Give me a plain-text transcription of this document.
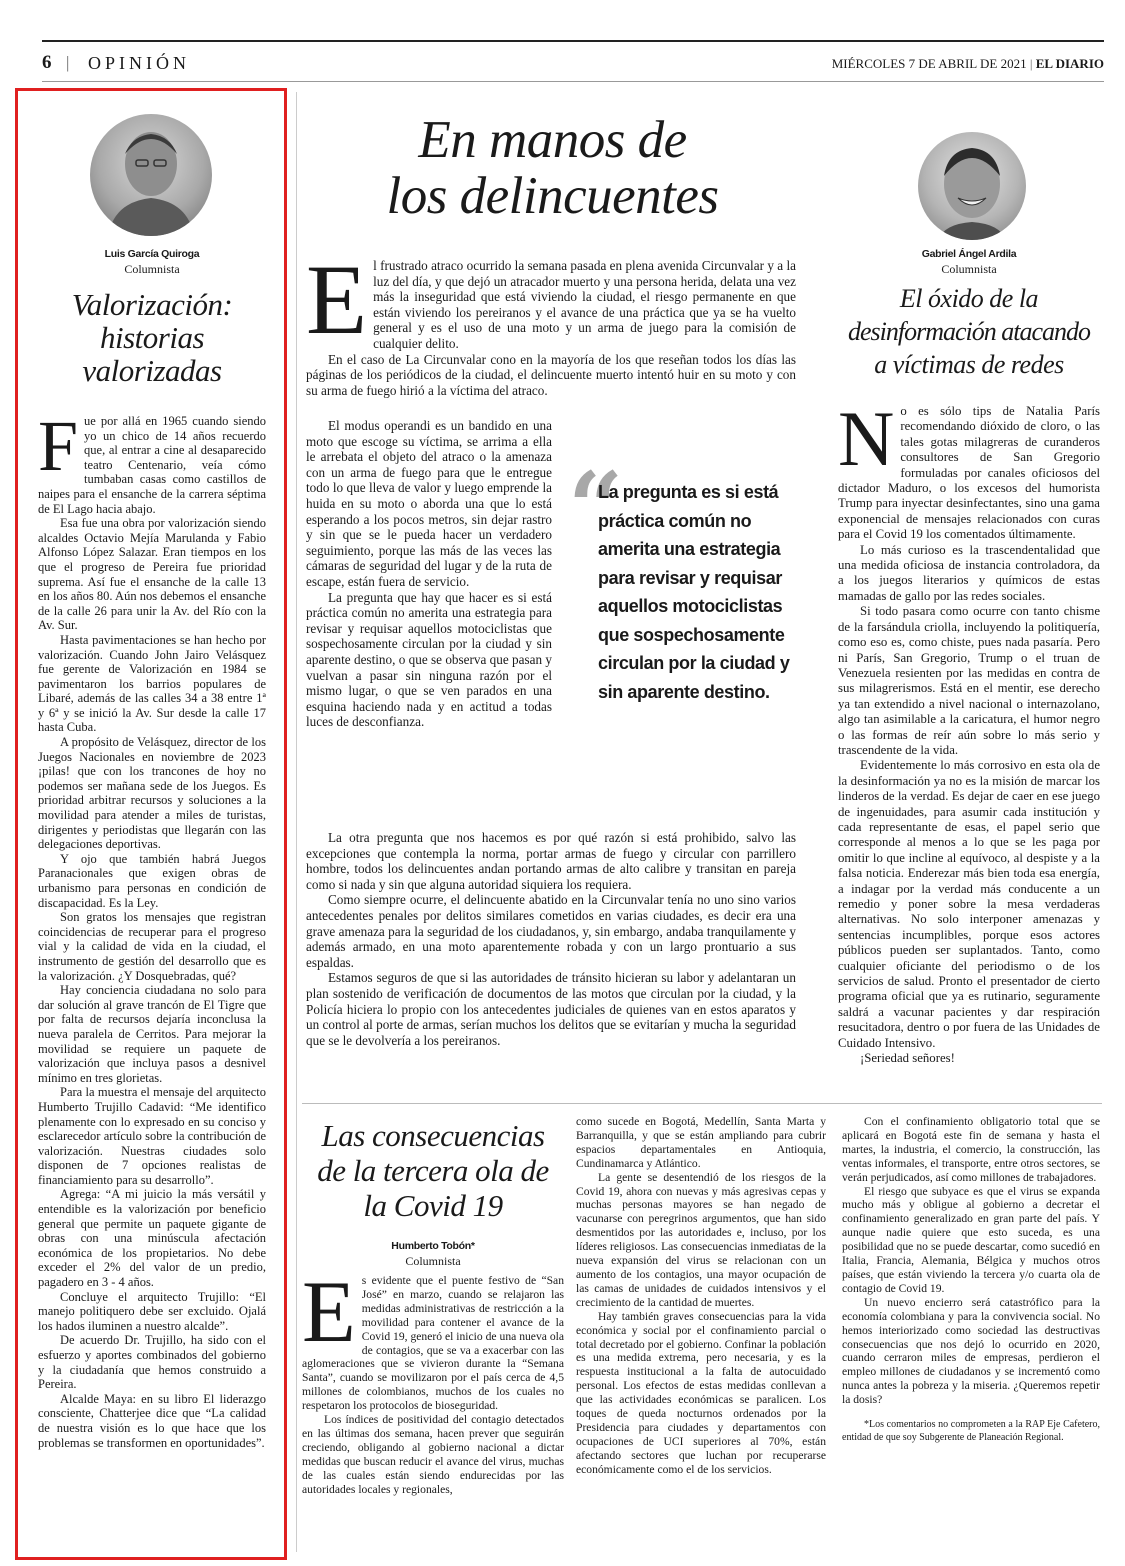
6 | OPINIÓN	MIÉRCOLES 7 DE ABRIL DE 2021 | EL DIARIO
Luis García Quiroga
Columnista
Valorización:
historias
valorizadas

Fue por allá en 1965 cuando siendo yo un chico de 14 años recuerdo que, al entrar a cine al desaparecido teatro Centenario, veía cómo tumbaban casas como castillos de naipes para el ensanche de la carrera séptima de El Lago hacia abajo.

Esa fue una obra por valorización siendo alcaldes Octavio Mejía Marulanda y Fabio Alfonso López Salazar. Eran tiempos en los que el progreso de Pereira fue prioridad suprema. Así fue el ensanche de la calle 13 en los años 80. Aún nos debemos el ensanche de la calle 26 para unir la Av. del Río con la Av. Sur.

Hasta pavimentaciones se han hecho por valorización. Cuando John Jairo Velásquez fue gerente de Valorización en 1984 se pavimentaron los barrios populares de Libaré, además de las calles 34 a 38 entre 1ª y 6ª y se inició la Av. Sur desde la calle 17 hasta Cuba.

A propósito de Velásquez, director de los Juegos Nacionales en noviembre de 2023 ¡pilas! que con los trancones de hoy no podemos ser mañana sede de los Juegos. Es prioridad arbitrar recursos y soluciones a la movilidad para atender a miles de turistas, dirigentes y periodistas que llegarán con las delegaciones deportivas.

Y ojo que también habrá Juegos Paranacionales que exigen obras de urbanismo para personas en condición de discapacidad. Es la Ley.

Son gratos los mensajes que registran coincidencias de recuperar para el progreso vial y la calidad de vida en la ciudad, el instrumento de gestión del desarrollo que es la valorización. ¿Y Dosquebradas, qué?

Hay conciencia ciudadana no solo para dar solución al grave trancón de El Tigre que por falta de recursos dejaría inconclusa la nueva paralela de Cerritos. Para mejorar la movilidad se requiere un paquete de valorización que incluya pasos a desnivel mínimo en tres glorietas.

Para la muestra el mensaje del arquitecto Humberto Trujillo Cadavid: “Me identifico plenamente con lo expresado en su conciso y esclarecedor artículo sobre la contribución de valorización. Nuestras ciudades solo disponen de 7 opciones realistas de financiamiento para su desarrollo”.

Agrega: “A mi juicio la más versátil y entendible es la valorización por beneficio general que permite un paquete gigante de obras con una minúscula afectación económica de los propietarios. No debe exceder el 2% del valor de un predio, pagadero en 3 - 4 años.

Concluye el arquitecto Trujillo: “El manejo politiquero debe ser excluido. Ojalá los hados iluminen a nuestro alcalde”.

De acuerdo Dr. Trujillo, ha sido con el esfuerzo y aportes combinados del gobierno y la ciudadanía que hemos construido a Pereira.

Alcalde Maya: en su libro El liderazgo consciente, Chatterjee dice que “La calidad de nuestra visión es lo que hace que los problemas se transformen en oportunidades”.

En manos de
los delincuentes

El frustrado atraco ocurrido la semana pasada en plena avenida Circunvalar y a la luz del día, y que dejó un atracador muerto y una persona herida, delata una vez más la inseguridad que está viviendo la ciudad, el riesgo permanente en que están viviendo los pereiranos y el avance de una práctica que ya se ha vuelto general y es el uso de una moto y un arma de juego para la comisión de cualquier delito.

En el caso de La Circunvalar cono en la mayoría de los que reseñan todos los días las páginas de los periódicos de la ciudad, el delincuente muerto intentó huir en su moto y con su arma de fuego hirió a la víctima del atraco.

El modus operandi es un bandido en una moto que escoge su víctima, se arrima a ella le arrebata el objeto del atraco o la amenaza con un arma de fuego para que le entregue todo lo que lleva de valor y luego emprende la huida en su moto o aborda una que lo está esperando a los pocos metros, sin dejar rastro y sin que se le pueda hacer un verdadero seguimiento, porque las más de las veces las cámaras de seguridad del lugar y de la ruta de escape, están fuera de servicio.

La pregunta que hay que hacer es si está práctica común no amerita una estrategia para revisar y requisar aquellos motociclistas que sospechosamente circulan por la ciudad y sin aparente destino, o que se observa que pasan y vuelvan a pasar sin ninguna razón por el mismo lugar, o que se ven parados en una esquina haciendo nada y en actitud a todas luces de desconfianza.

“
La pregunta es si está práctica común no amerita una estrategia para revisar y requisar aquellos motociclistas que sospechosamente circulan por la ciudad y sin aparente destino.

La otra pregunta que nos hacemos es por qué razón si está prohibido, salvo las excepciones que contempla la norma, portar armas de fuego y circular con parrillero hombre, todos los delincuentes andan portando armas de alto calibre y transitan en pareja como si nada y sin que alguna autoridad siquiera los requiera.

Como siempre ocurre, el delincuente abatido en la Circunvalar tenía no uno sino varios antecedentes penales por delitos similares cometidos en varias ciudades, es decir era una grave amenaza para la seguridad de los ciudadanos, y, sin embargo, andaba tranquilamente y además armado, en una moto aparentemente robada y con un largo prontuario a sus espaldas.

Estamos seguros de que si las autoridades de tránsito hicieran su labor y adelantaran un plan sostenido de verificación de documentos de las motos que circulan por la ciudad, y la Policía hiciera lo propio con los antecedentes judiciales de quienes van en estos aparatos y un control al porte de armas, serían muchos los delitos que se evitarían y mucha la seguridad que se le devolvería a los pereiranos.

Gabriel Ángel Ardila
Columnista
El óxido de la
desinformación atacando
a víctimas de redes

No es sólo tips de Natalia París recomendando dióxido de cloro, o las tales gotas milagreras de curanderos consultores de San Gregorio formuladas por canales oficiosos del dictador Maduro, o los excesos del humorista Trump para inyectar desinfectantes, sino una gama exponencial de mensajes relacionados con curas para el Covid 19 los comentados últimamente.

Lo más curioso es la trascendentalidad que una medida oficiosa de instancia controladora, da a los juegos literarios y químicos de estas mamadas de gallo por las redes sociales.

Si todo pasara como ocurre con tanto chisme de la farsándula criolla, incluyendo la politiquería, como eso es, como chiste, pues nada pasaría. Pero ni París, San Gregorio, Trump o el truan de Venezuela resienten por las medidas en contra de sus milagrerismos. Está en el mentir, ese derecho ya tan extendido a nivel nacional o internazolano, algo tan asimilable a la caricatura, el humor negro o las formas de reír aún sobre lo más serio y trascendente de la vida.

Evidentemente lo más corrosivo en esta ola de la desinformación ya no es la misión de marcar los linderos de la verdad. Es dejar de caer en ese juego de ingenuidades, para asumir cada institución y cada representante de esas, el papel serio que corresponde al menos a lo que se les paga por omitir lo que incline al equívoco, al despiste y a la falsa noticia. Enderezar más bien toda esa energía, a indagar por la verdad más conducente a un remedio y poner sobre la mesa verdaderas alternativas. No solo interponer amenazas y sentencias incumplibles, porque esos actores públicos pueden ser suplantados. Tanto, como cualquier oficiante del periodismo o de los servicios de salud. Pronto el presentador de cierto programa oficial que ya es rutinario, seguramente saldrá a vacunar pacientes y dar respiración resucitadora, dentro o por fuera de las Unidades de Cuidado Intensivo.

¡Seriedad señores!

Las consecuencias
de la tercera ola de
la Covid 19
Humberto Tobón*
Columnista

Es evidente que el puente festivo de “San José” en marzo, cuando se relajaron las medidas administrativas de restricción a la movilidad para contener el avance de la Covid 19, generó el inicio de una nueva ola de contagios, que se va a exacerbar con las aglomeraciones que se vivieron durante la “Semana Santa”, cuando se movilizaron por el país cerca de 4,5 millones de colombianos, muchos de los cuales no respetaron los protocolos de bioseguridad.

Los índices de positividad del contagio detectados en las últimas dos semana, hacen prever que seguirán creciendo, obligando al gobierno nacional a dictar medidas que buscan reducir el avance del virus, muchas de las cuales están siendo endurecidas por las autoridades locales y regionales,

como sucede en Bogotá, Medellín, Santa Marta y Barranquilla, y que se están ampliando para cubrir espacios departamentales en Antioquia, Cundinamarca y Atlántico.

La gente se desentendió de los riesgos de la Covid 19, ahora con nuevas y más agresivas cepas y muchas personas mayores se han negado de vacunarse con peregrinos argumentos, que han sido desmentidos por las autoridades e, incluso, por los líderes religiosos. Las consecuencias inmediatas de la nueva expansión del virus se relacionan con un aumento de los contagios, una mayor ocupación de las camas de unidades de cuidados intensivos y el crecimiento de la cantidad de muertes.

Hay también graves consecuencias para la vida económica y social por el confinamiento parcial o total decretado por el gobierno. Confinar la población es una medida extrema, pero necesaria, y es la respuesta institucional a la falta de autocuidado personal. Los efectos de estas medidas conllevan a que las actividades económicas se paralicen. Los toques de queda nocturnos ordenados por la Presidencia para ciudades y departamentos con ocupaciones de UCI superiores al 70%, están afectando sectores que luchan por recuperarse económicamente como el de los servicios.

Con el confinamiento obligatorio total que se aplicará en Bogotá este fin de semana y hasta el martes, la industria, el comercio, la construcción, las ventas informales, el transporte, entre otros sectores, se verán perjudicados, así como millones de trabajadores.

El riesgo que subyace es que el virus se expanda mucho más y obligue al gobierno a decretar el confinamiento generalizado en gran parte del país. Y aunque nadie quiere que esto suceda, es una posibilidad que no se puede descartar, como sucedió en Italia, Francia, Alemania, Bélgica y muchos otros países, que están viviendo la tercera y/o cuarta ola de contagio de Covid 19.

Un nuevo encierro será catastrófico para la economía colombiana y para la convivencia social. No hemos interiorizado como sociedad las destructivas consecuencias que nos dejó lo ocurrido en 2020, cuando cerraron miles de empresas, perdieron el empleo millones de ciudadanos y se incrementó como nunca antes la pobreza y la miseria. ¿Queremos repetir la dosis?

*Los comentarios no comprometen a la RAP Eje Cafetero, entidad de que soy Subgerente de Planeación Regional.
